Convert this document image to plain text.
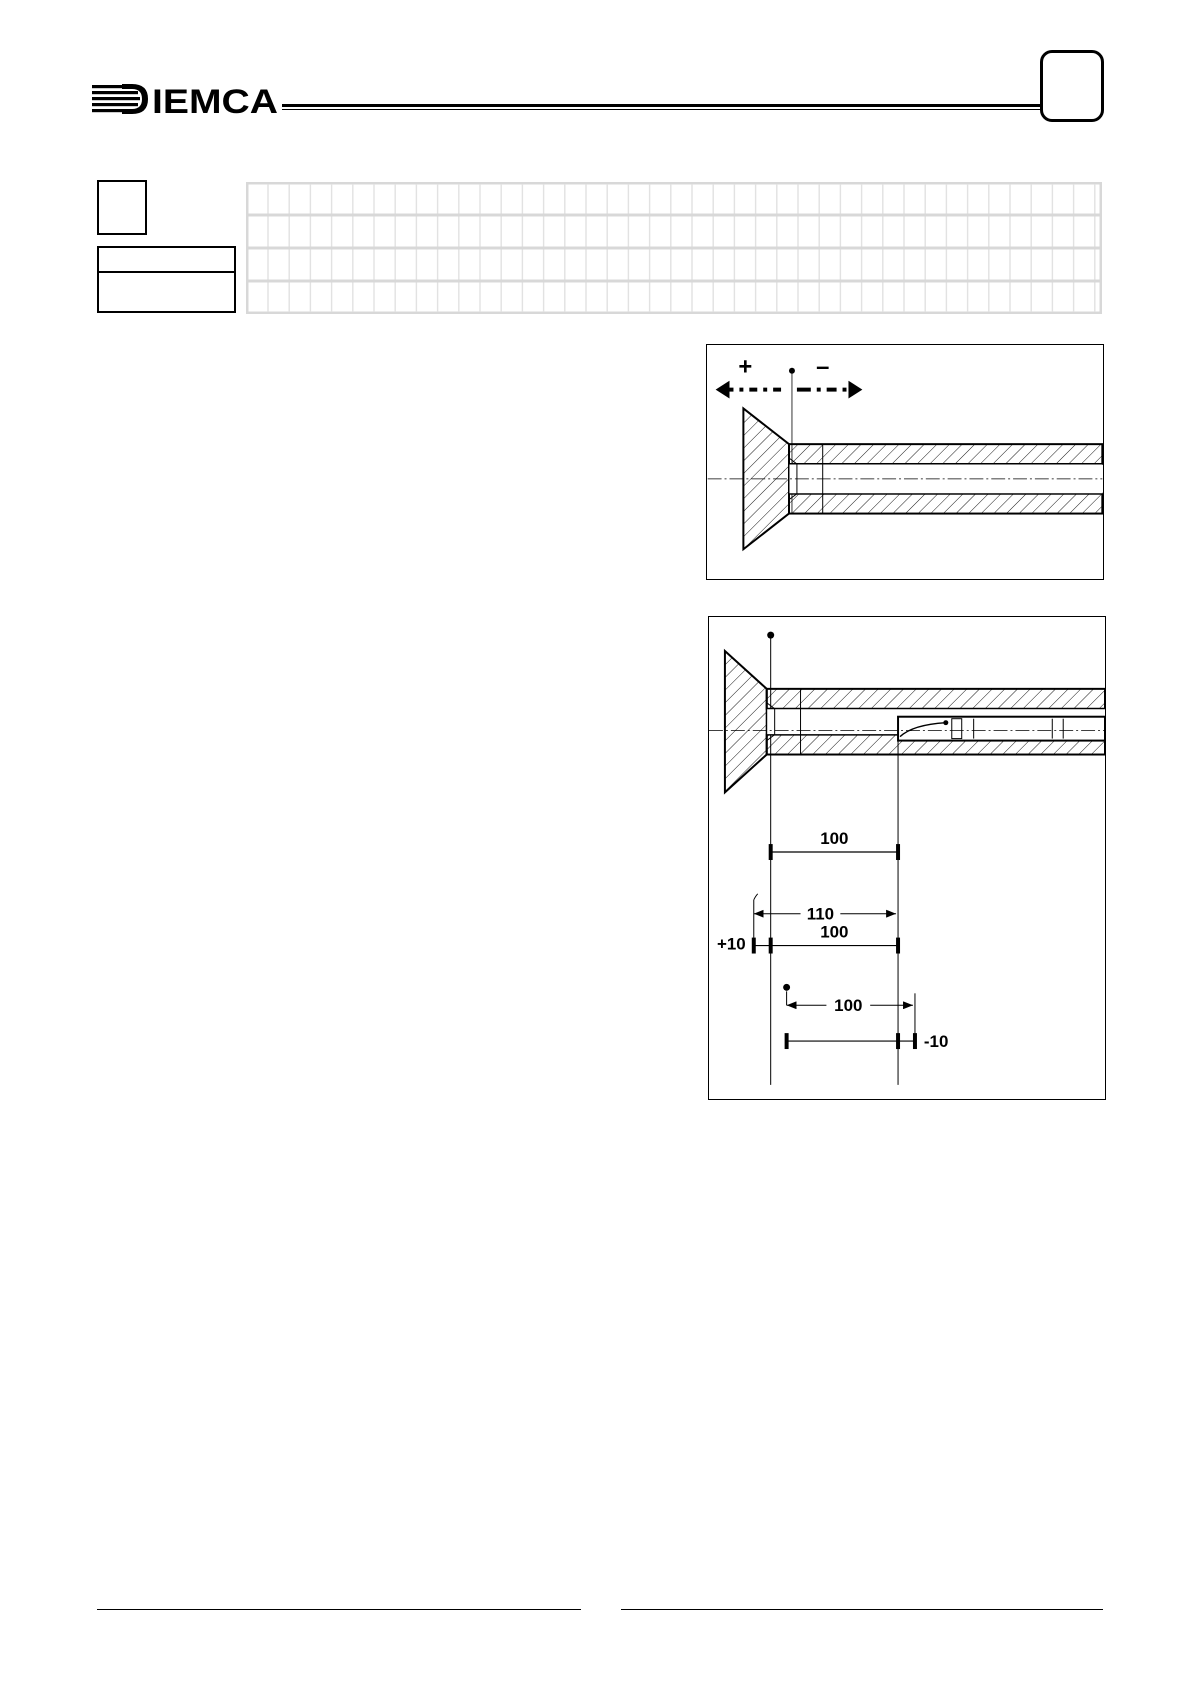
IEMCA
+	–
100
110
100
+10
100
-10
